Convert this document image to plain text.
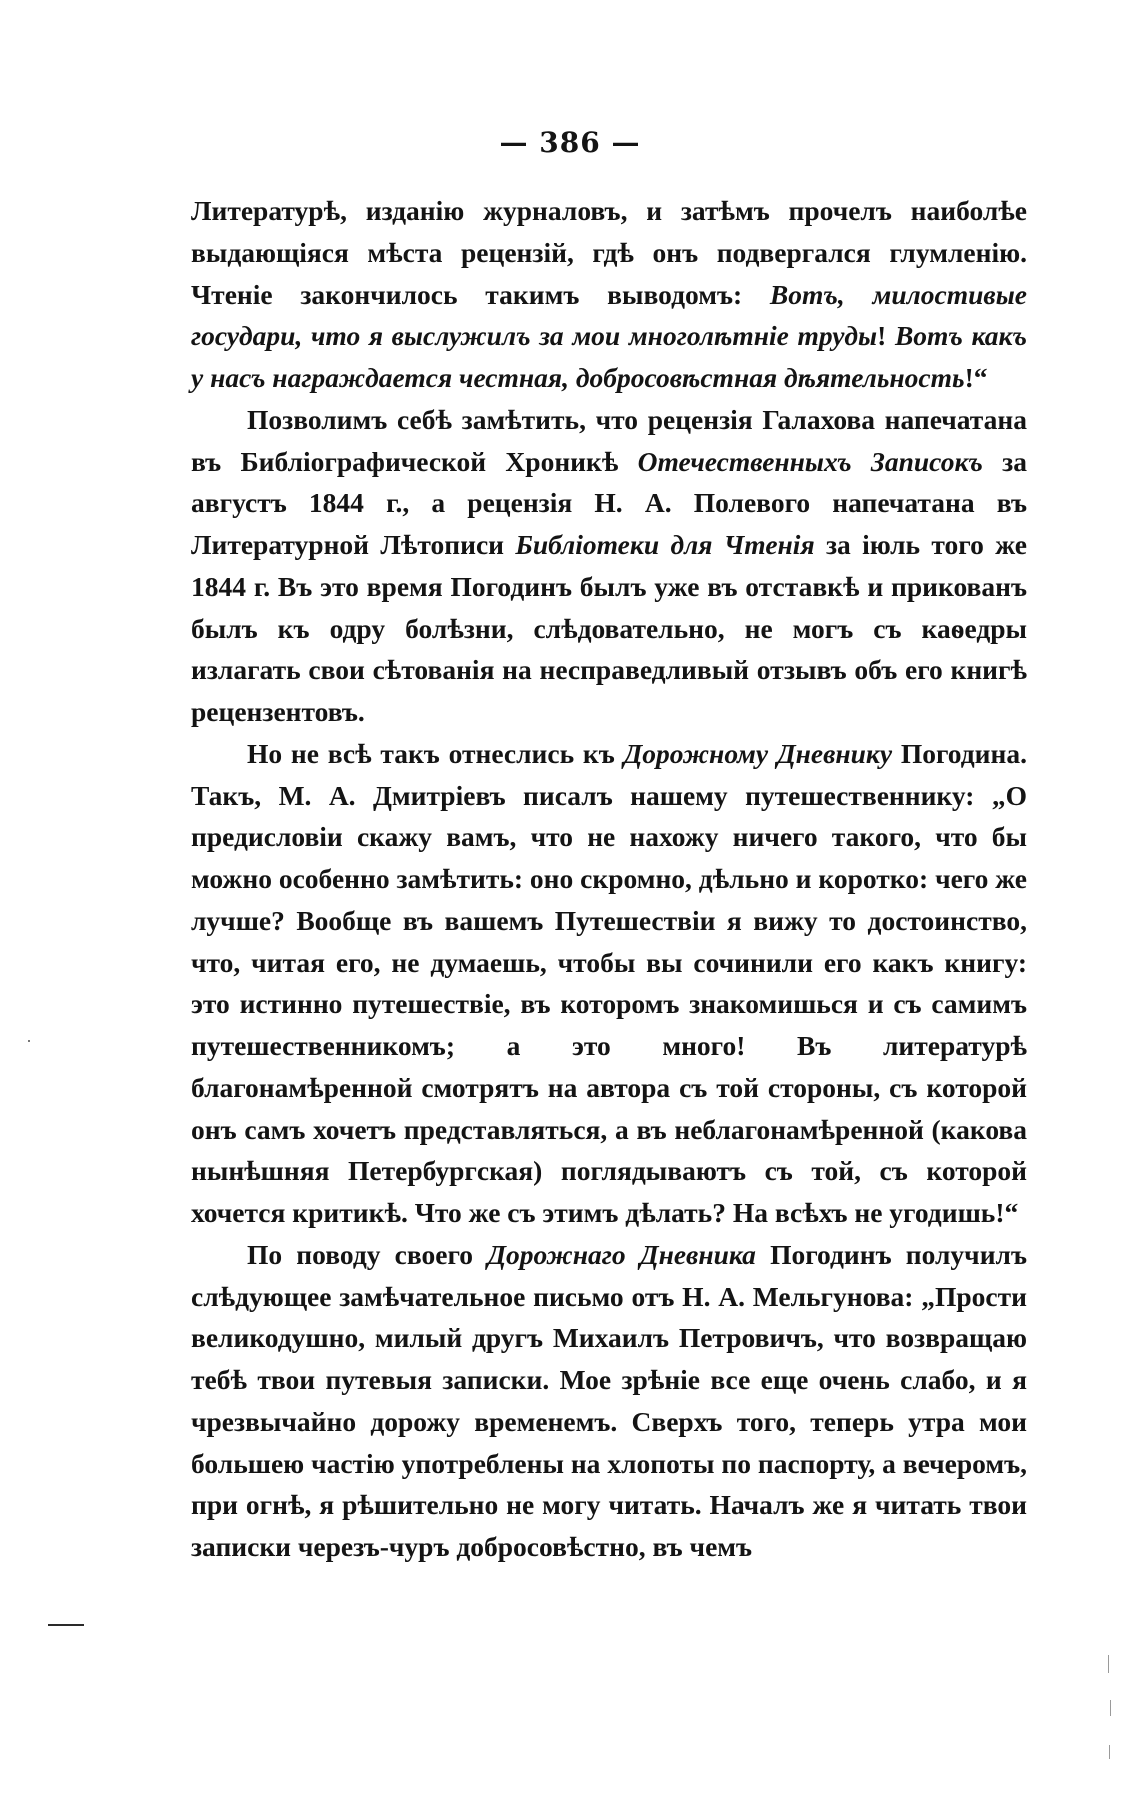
— 386 —

Литературѣ, изданію журналовъ, и затѣмъ прочелъ наиболѣе выдающіяся мѣста рецензій, гдѣ онъ подвергался глумленію. Чтеніе закончилось такимъ выводомъ: Вотъ, милостивые государи, что я выслужилъ за мои многолѣтніе труды! Вотъ какъ у насъ награждается честная, добросовѣстная дѣятельность!“

Позволимъ себѣ замѣтить, что рецензія Галахова напечатана въ Библіографической Хроникѣ Отечественныхъ Записокъ за августъ 1844 г., а рецензія Н. А. Полевого напечатана въ Литературной Лѣтописи Библіотеки для Чтенія за іюль того же 1844 г. Въ это время Погодинъ былъ уже въ отставкѣ и прикованъ былъ къ одру болѣзни, слѣдовательно, не могъ съ каѳедры излагать свои сѣтованія на несправедливый отзывъ объ его книгѣ рецензентовъ.

Но не всѣ такъ отнеслись къ Дорожному Дневнику Погодина. Такъ, М. А. Дмитріевъ писалъ нашему путешественнику: „О предисловіи скажу вамъ, что не нахожу ничего такого, что бы можно особенно замѣтить: оно скромно, дѣльно и коротко: чего же лучше? Вообще въ вашемъ Путешествіи я вижу то достоинство, что, читая его, не думаешь, чтобы вы сочинили его какъ книгу: это истинно путешествіе, въ которомъ знакомишься и съ самимъ путешественникомъ; а это много! Въ литературѣ благонамѣренной смотрятъ на автора съ той стороны, съ которой онъ самъ хочетъ представляться, а въ неблагонамѣренной (какова нынѣшняя Петербургская) поглядываютъ съ той, съ которой хочется критикѣ. Что же съ этимъ дѣлать? На всѣхъ не угодишь!“

По поводу своего Дорожнаго Дневника Погодинъ получилъ слѣдующее замѣчательное письмо отъ Н. А. Мельгунова: „Прости великодушно, милый другъ Михаилъ Петровичъ, что возвращаю тебѣ твои путевыя записки. Мое зрѣніе все еще очень слабо, и я чрезвычайно дорожу временемъ. Сверхъ того, теперь утра мои большею частію употреблены на хлопоты по паспорту, а вечеромъ, при огнѣ, я рѣшительно не могу читать. Началъ же я читать твои записки черезъ-чуръ добросовѣстно, въ чемъ
